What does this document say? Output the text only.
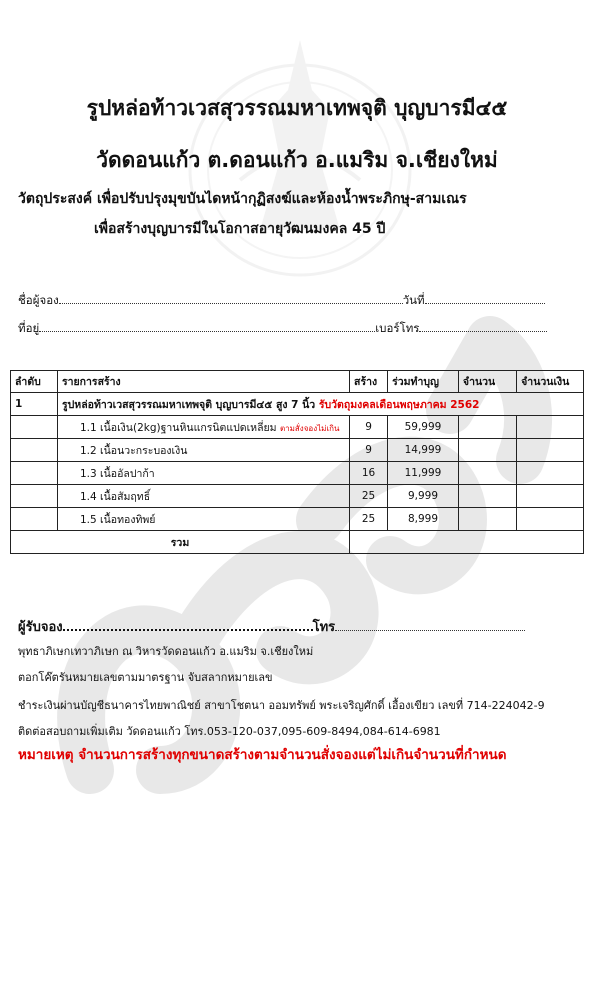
รูปหล่อท้าวเวสสุวรรณมหาเทพจุติ บุญบารมี๔๕
วัดดอนแก้ว ต.ดอนแก้ว อ.แมริม จ.เชียงใหม่
วัตถุประสงค์ เพื่อปรับปรุงมุขบันไดหน้ากุฏิสงฆ์และห้องน้ำพระภิกษุ-สามเณร
เพื่อสร้างบุญบารมีในโอกาสอายุวัฒนมงคล 45 ปี
ชื่อผู้จอง	วันที่
ที่อยู่	เบอร์โทร
ลำดับ	รายการสร้าง	สร้าง	ร่วมทำบุญ	จำนวน	จำนวนเงิน
1	รูปหล่อท้าวเวสสุวรรณมหาเทพจุติ บุญบารมี๔๕ สูง 7 นิ้ว รับวัตถุมงคลเดือนพฤษภาคม 2562				
	1.1 เนื้อเงิน(2kg)ฐานหินแกรนิตแปดเหลี่ยม ตามสั่งจองไม่เกิน	9	59,999		
	1.2 เนื้อนวะกระบองเงิน	9	14,999		
	1.3 เนื้ออัลปาก้า	16	11,999		
	1.4 เนื้อสัมฤทธิ์	25	9,999		
	1.5 เนื้อทองทิพย์	25	8,999		
รวม					
ผู้รับจอง	โทร
พุทธาภิเษกเทวาภิเษก ณ วิหารวัดดอนแก้ว อ.แมริม จ.เชียงใหม่
ตอกโค๊ตรันหมายเลขตามมาตรฐาน จับสลากหมายเลข
ชำระเงินผ่านบัญชีธนาคารไทยพาณิชย์ สาขาโชตนา ออมทรัพย์ พระเจริญศักดิ์ เอื้องเขียว เลขที่ 714-224042-9
ติดต่อสอบถามเพิ่มเติม วัดดอนแก้ว โทร.053-120-037,095-609-8494,084-614-6981
หมายเหตุ จำนวนการสร้างทุกขนาดสร้างตามจำนวนสั่งจองแต่ไม่เกินจำนวนที่กำหนด
